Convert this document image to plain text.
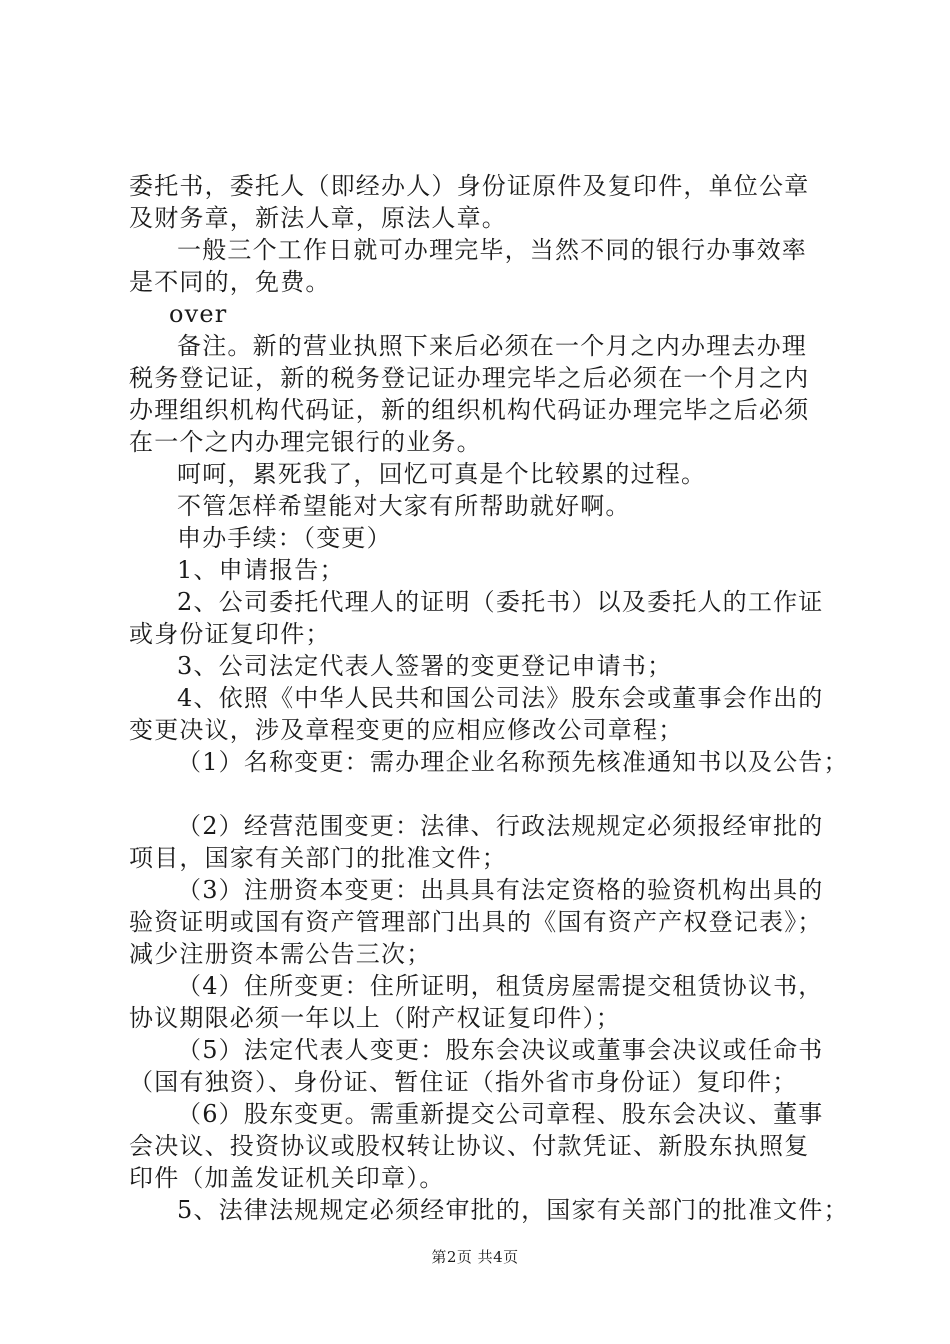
委托书，委托人（即经办人）身份证原件及复印件，单位公章
及财务章，新法人章，原法人章。
一般三个工作日就可办理完毕，当然不同的银行办事效率
是不同的，免费。
over
备注。新的营业执照下来后必须在一个月之内办理去办理
税务登记证，新的税务登记证办理完毕之后必须在一个月之内
办理组织机构代码证，新的组织机构代码证办理完毕之后必须
在一个之内办理完银行的业务。
呵呵，累死我了，回忆可真是个比较累的过程。
不管怎样希望能对大家有所帮助就好啊。
申办手续：（变更）
1、申请报告；
2、公司委托代理人的证明（委托书）以及委托人的工作证
或身份证复印件；
3、公司法定代表人签署的变更登记申请书；
4、依照《中华人民共和国公司法》股东会或董事会作出的
变更决议，涉及章程变更的应相应修改公司章程；
（1）名称变更：需办理企业名称预先核准通知书以及公告；
（2）经营范围变更：法律、行政法规规定必须报经审批的
项目，国家有关部门的批准文件；
（3）注册资本变更：出具具有法定资格的验资机构出具的
验资证明或国有资产管理部门出具的《国有资产产权登记表》；
减少注册资本需公告三次；
（4）住所变更：住所证明，租赁房屋需提交租赁协议书，
协议期限必须一年以上（附产权证复印件）；
（5）法定代表人变更：股东会决议或董事会决议或任命书
（国有独资）、身份证、暂住证（指外省市身份证）复印件；
（6）股东变更。需重新提交公司章程、股东会决议、董事
会决议、投资协议或股权转让协议、付款凭证、新股东执照复
印件（加盖发证机关印章）。
5、法律法规规定必须经审批的，国家有关部门的批准文件；
第2页 共4页
